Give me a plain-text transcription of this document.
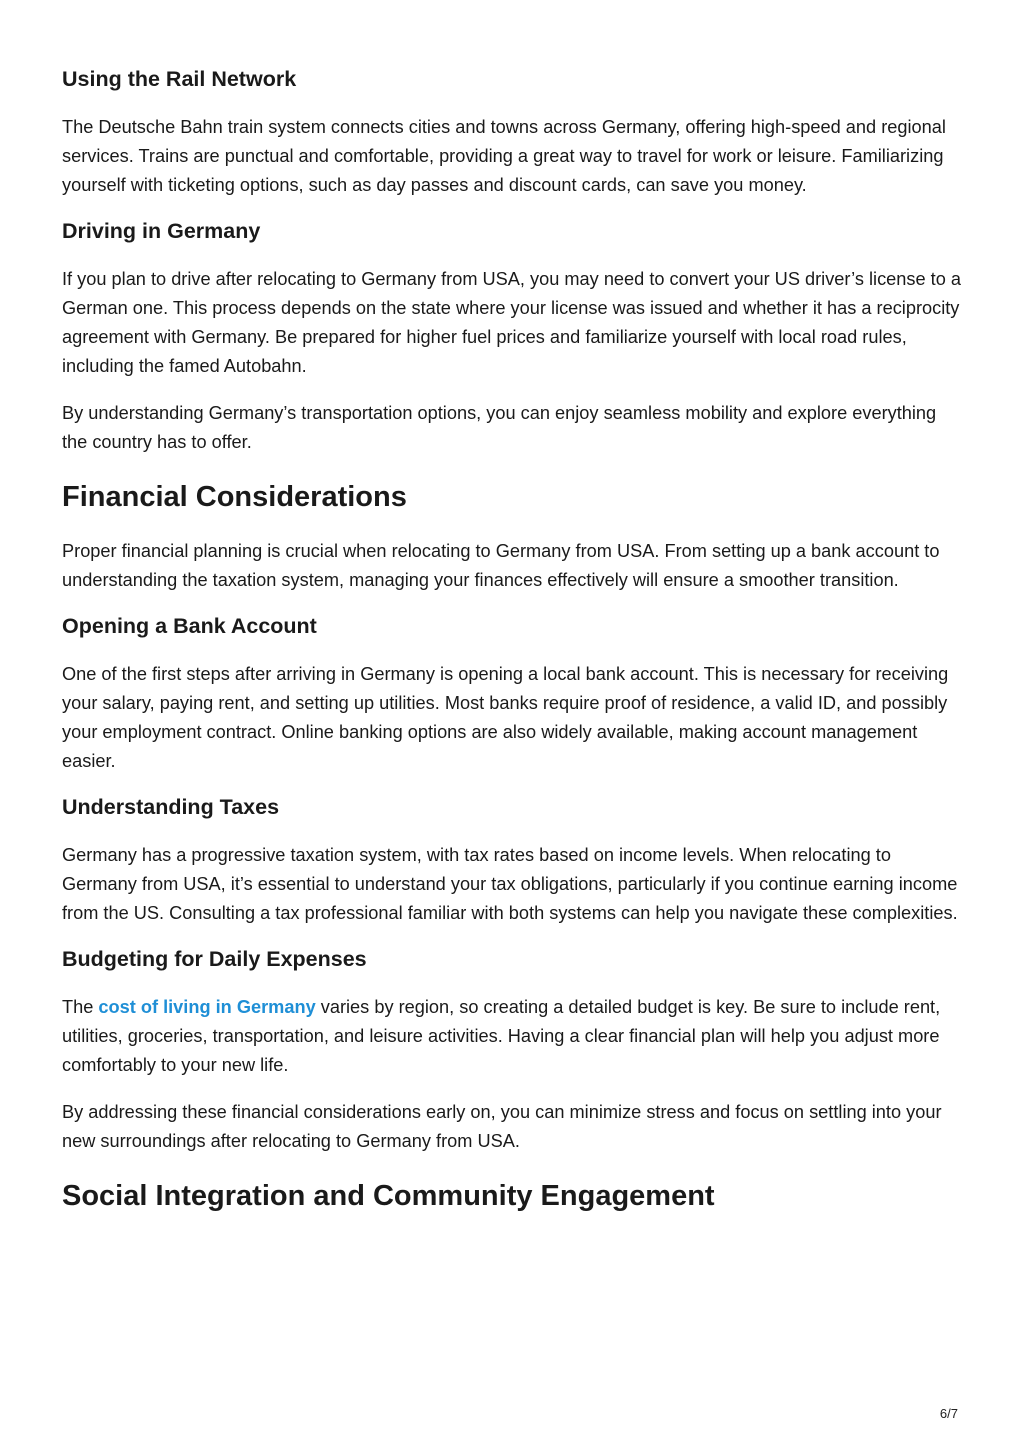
Using the Rail Network

The Deutsche Bahn train system connects cities and towns across Germany, offering high-speed and regional services. Trains are punctual and comfortable, providing a great way to travel for work or leisure. Familiarizing yourself with ticketing options, such as day passes and discount cards, can save you money.

Driving in Germany

If you plan to drive after relocating to Germany from USA, you may need to convert your US driver’s license to a German one. This process depends on the state where your license was issued and whether it has a reciprocity agreement with Germany. Be prepared for higher fuel prices and familiarize yourself with local road rules, including the famed Autobahn.

By understanding Germany’s transportation options, you can enjoy seamless mobility and explore everything the country has to offer.

Financial Considerations

Proper financial planning is crucial when relocating to Germany from USA. From setting up a bank account to understanding the taxation system, managing your finances effectively will ensure a smoother transition.

Opening a Bank Account

One of the first steps after arriving in Germany is opening a local bank account. This is necessary for receiving your salary, paying rent, and setting up utilities. Most banks require proof of residence, a valid ID, and possibly your employment contract. Online banking options are also widely available, making account management easier.

Understanding Taxes

Germany has a progressive taxation system, with tax rates based on income levels. When relocating to Germany from USA, it’s essential to understand your tax obligations, particularly if you continue earning income from the US. Consulting a tax professional familiar with both systems can help you navigate these complexities.

Budgeting for Daily Expenses

The cost of living in Germany varies by region, so creating a detailed budget is key. Be sure to include rent, utilities, groceries, transportation, and leisure activities. Having a clear financial plan will help you adjust more comfortably to your new life.

By addressing these financial considerations early on, you can minimize stress and focus on settling into your new surroundings after relocating to Germany from USA.

Social Integration and Community Engagement
6/7
